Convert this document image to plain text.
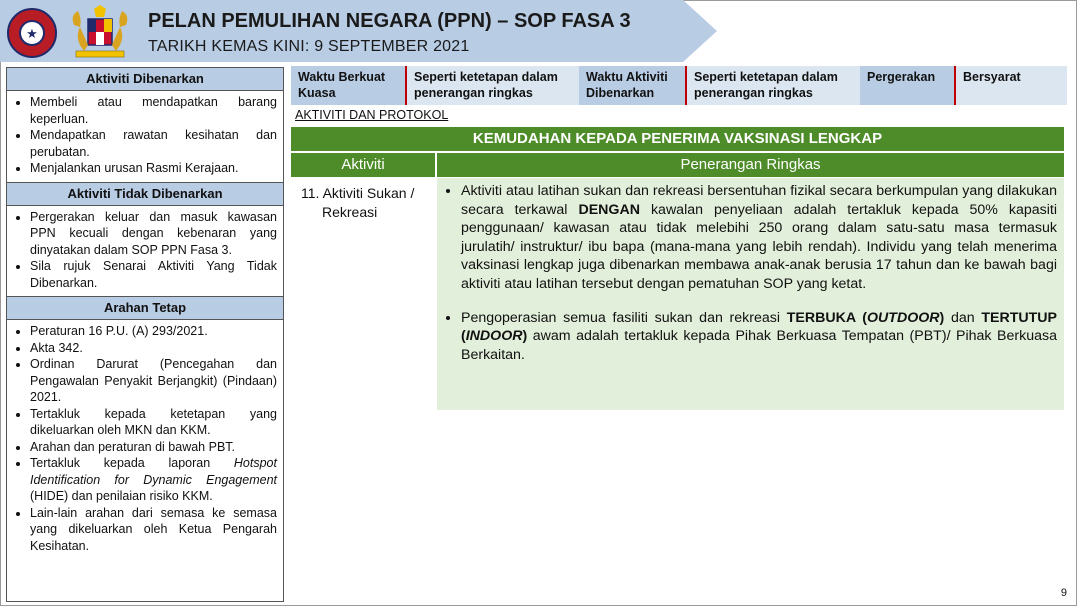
★
PELAN PEMULIHAN NEGARA (PPN) – SOP FASA 3
TARIKH KEMAS KINI: 9 SEPTEMBER 2021
Aktiviti Dibenarkan
• Membeli atau mendapatkan barang keperluan.
• Mendapatkan rawatan kesihatan dan perubatan.
• Menjalankan urusan Rasmi Kerajaan.
Aktiviti Tidak Dibenarkan
• Pergerakan keluar dan masuk kawasan PPN kecuali dengan kebenaran yang dinyatakan dalam SOP PPN Fasa 3.
• Sila rujuk Senarai Aktiviti Yang Tidak Dibenarkan.
Arahan Tetap
• Peraturan 16 P.U. (A) 293/2021.
• Akta 342.
• Ordinan Darurat (Pencegahan dan Pengawalan Penyakit Berjangkit) (Pindaan) 2021.
• Tertakluk kepada ketetapan yang dikeluarkan oleh MKN dan KKM.
• Arahan dan peraturan di bawah PBT.
• Tertakluk kepada laporan Hotspot Identification for Dynamic Engagement (HIDE) dan penilaian risiko KKM.
• Lain-lain arahan dari semasa ke semasa yang dikeluarkan oleh Ketua Pengarah Kesihatan.
Waktu Berkuat Kuasa
Seperti ketetapan dalam penerangan ringkas
Waktu Aktiviti Dibenarkan
Seperti ketetapan dalam penerangan ringkas
Pergerakan	Bersyarat
AKTIVITI DAN PROTOKOL
KEMUDAHAN KEPADA PENERIMA VAKSINASI LENGKAP
Aktiviti	Penerangan Ringkas
11. Aktiviti Sukan /
Rekreasi
• Aktiviti atau latihan sukan dan rekreasi bersentuhan fizikal secara berkumpulan yang dilakukan secara terkawal DENGAN kawalan penyeliaan adalah tertakluk kepada 50% kapasiti penggunaan/ kawasan atau tidak melebihi 250 orang dalam satu-satu masa termasuk jurulatih/ instruktur/ ibu bapa (mana-mana yang lebih rendah). Individu yang telah menerima vaksinasi lengkap juga dibenarkan membawa anak-anak berusia 17 tahun dan ke bawah bagi aktiviti atau latihan tersebut dengan pematuhan SOP yang ketat.
• Pengoperasian semua fasiliti sukan dan rekreasi TERBUKA (OUTDOOR) dan TERTUTUP (INDOOR) awam adalah tertakluk kepada Pihak Berkuasa Tempatan (PBT)/ Pihak Berkuasa Berkaitan.
9
